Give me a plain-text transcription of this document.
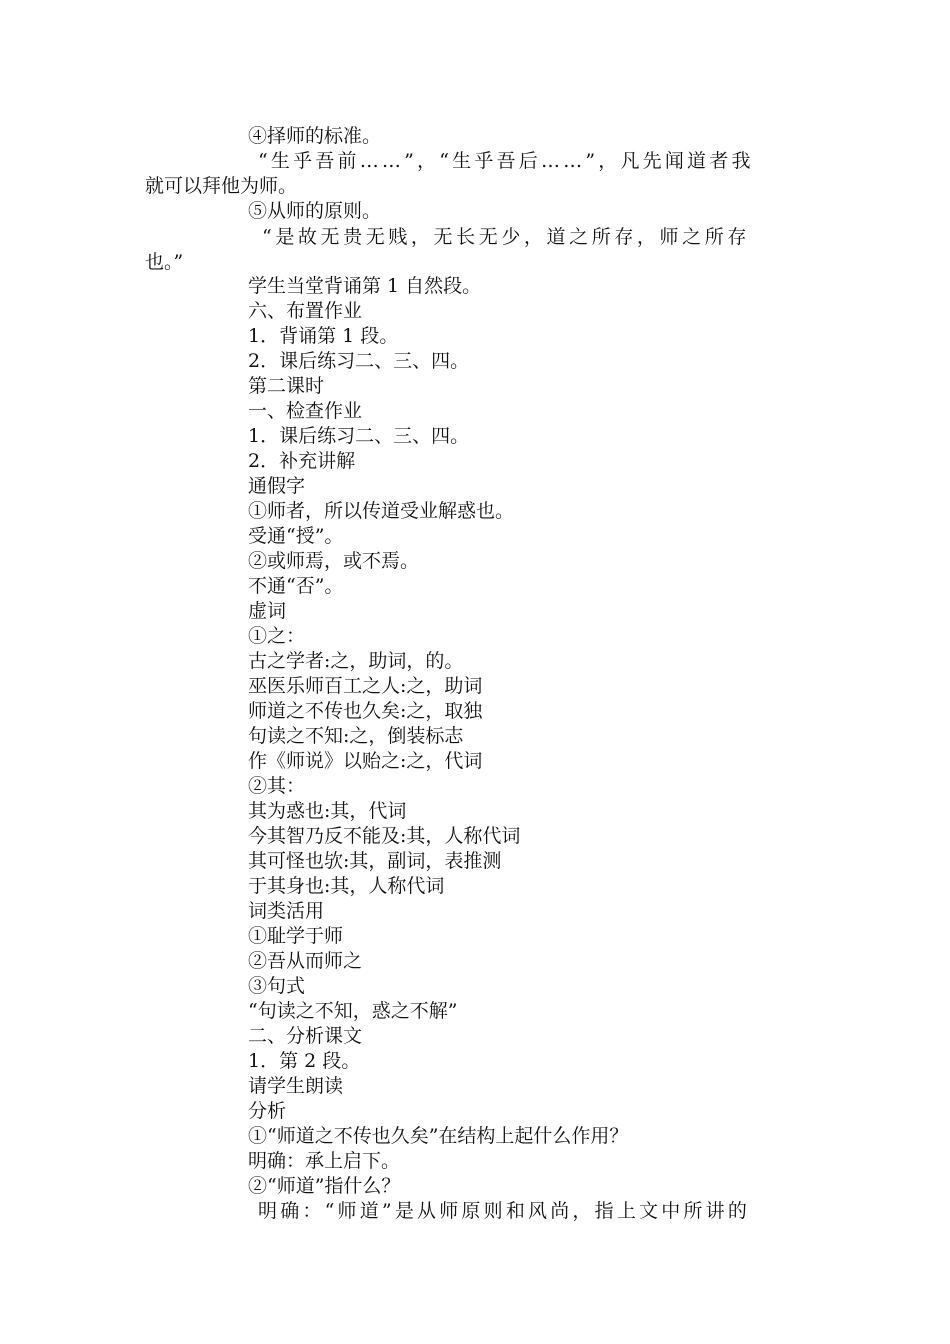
④择师的标准。
“生乎吾前……”，“生乎吾后……”，凡先闻道者我
就可以拜他为师。
⑤从师的原则。
“是故无贵无贱，无长无少，道之所存，师之所存
也。”
学生当堂背诵第 1 自然段。
六、布置作业
1．背诵第 1 段。
2．课后练习二、三、四。
第二课时
一、检查作业
1．课后练习二、三、四。
2．补充讲解
通假字
①师者，所以传道受业解惑也。
受通“授”。
②或师焉，或不焉。
不通“否”。
虚词
①之：
古之学者:之，助词，的。
巫医乐师百工之人:之，助词
师道之不传也久矣:之，取独
句读之不知:之，倒装标志
作《师说》以贻之:之，代词
②其：
其为惑也:其，代词
今其智乃反不能及:其，人称代词
其可怪也欤:其，副词，表推测
于其身也:其，人称代词
词类活用
①耻学于师
②吾从而师之
③句式
“句读之不知，惑之不解”
二、分析课文
1．第 2 段。
请学生朗读
分析
①“师道之不传也久矣”在结构上起什么作用？
明确：承上启下。
②“师道”指什么？
明确：“师道”是从师原则和风尚，指上文中所讲的
